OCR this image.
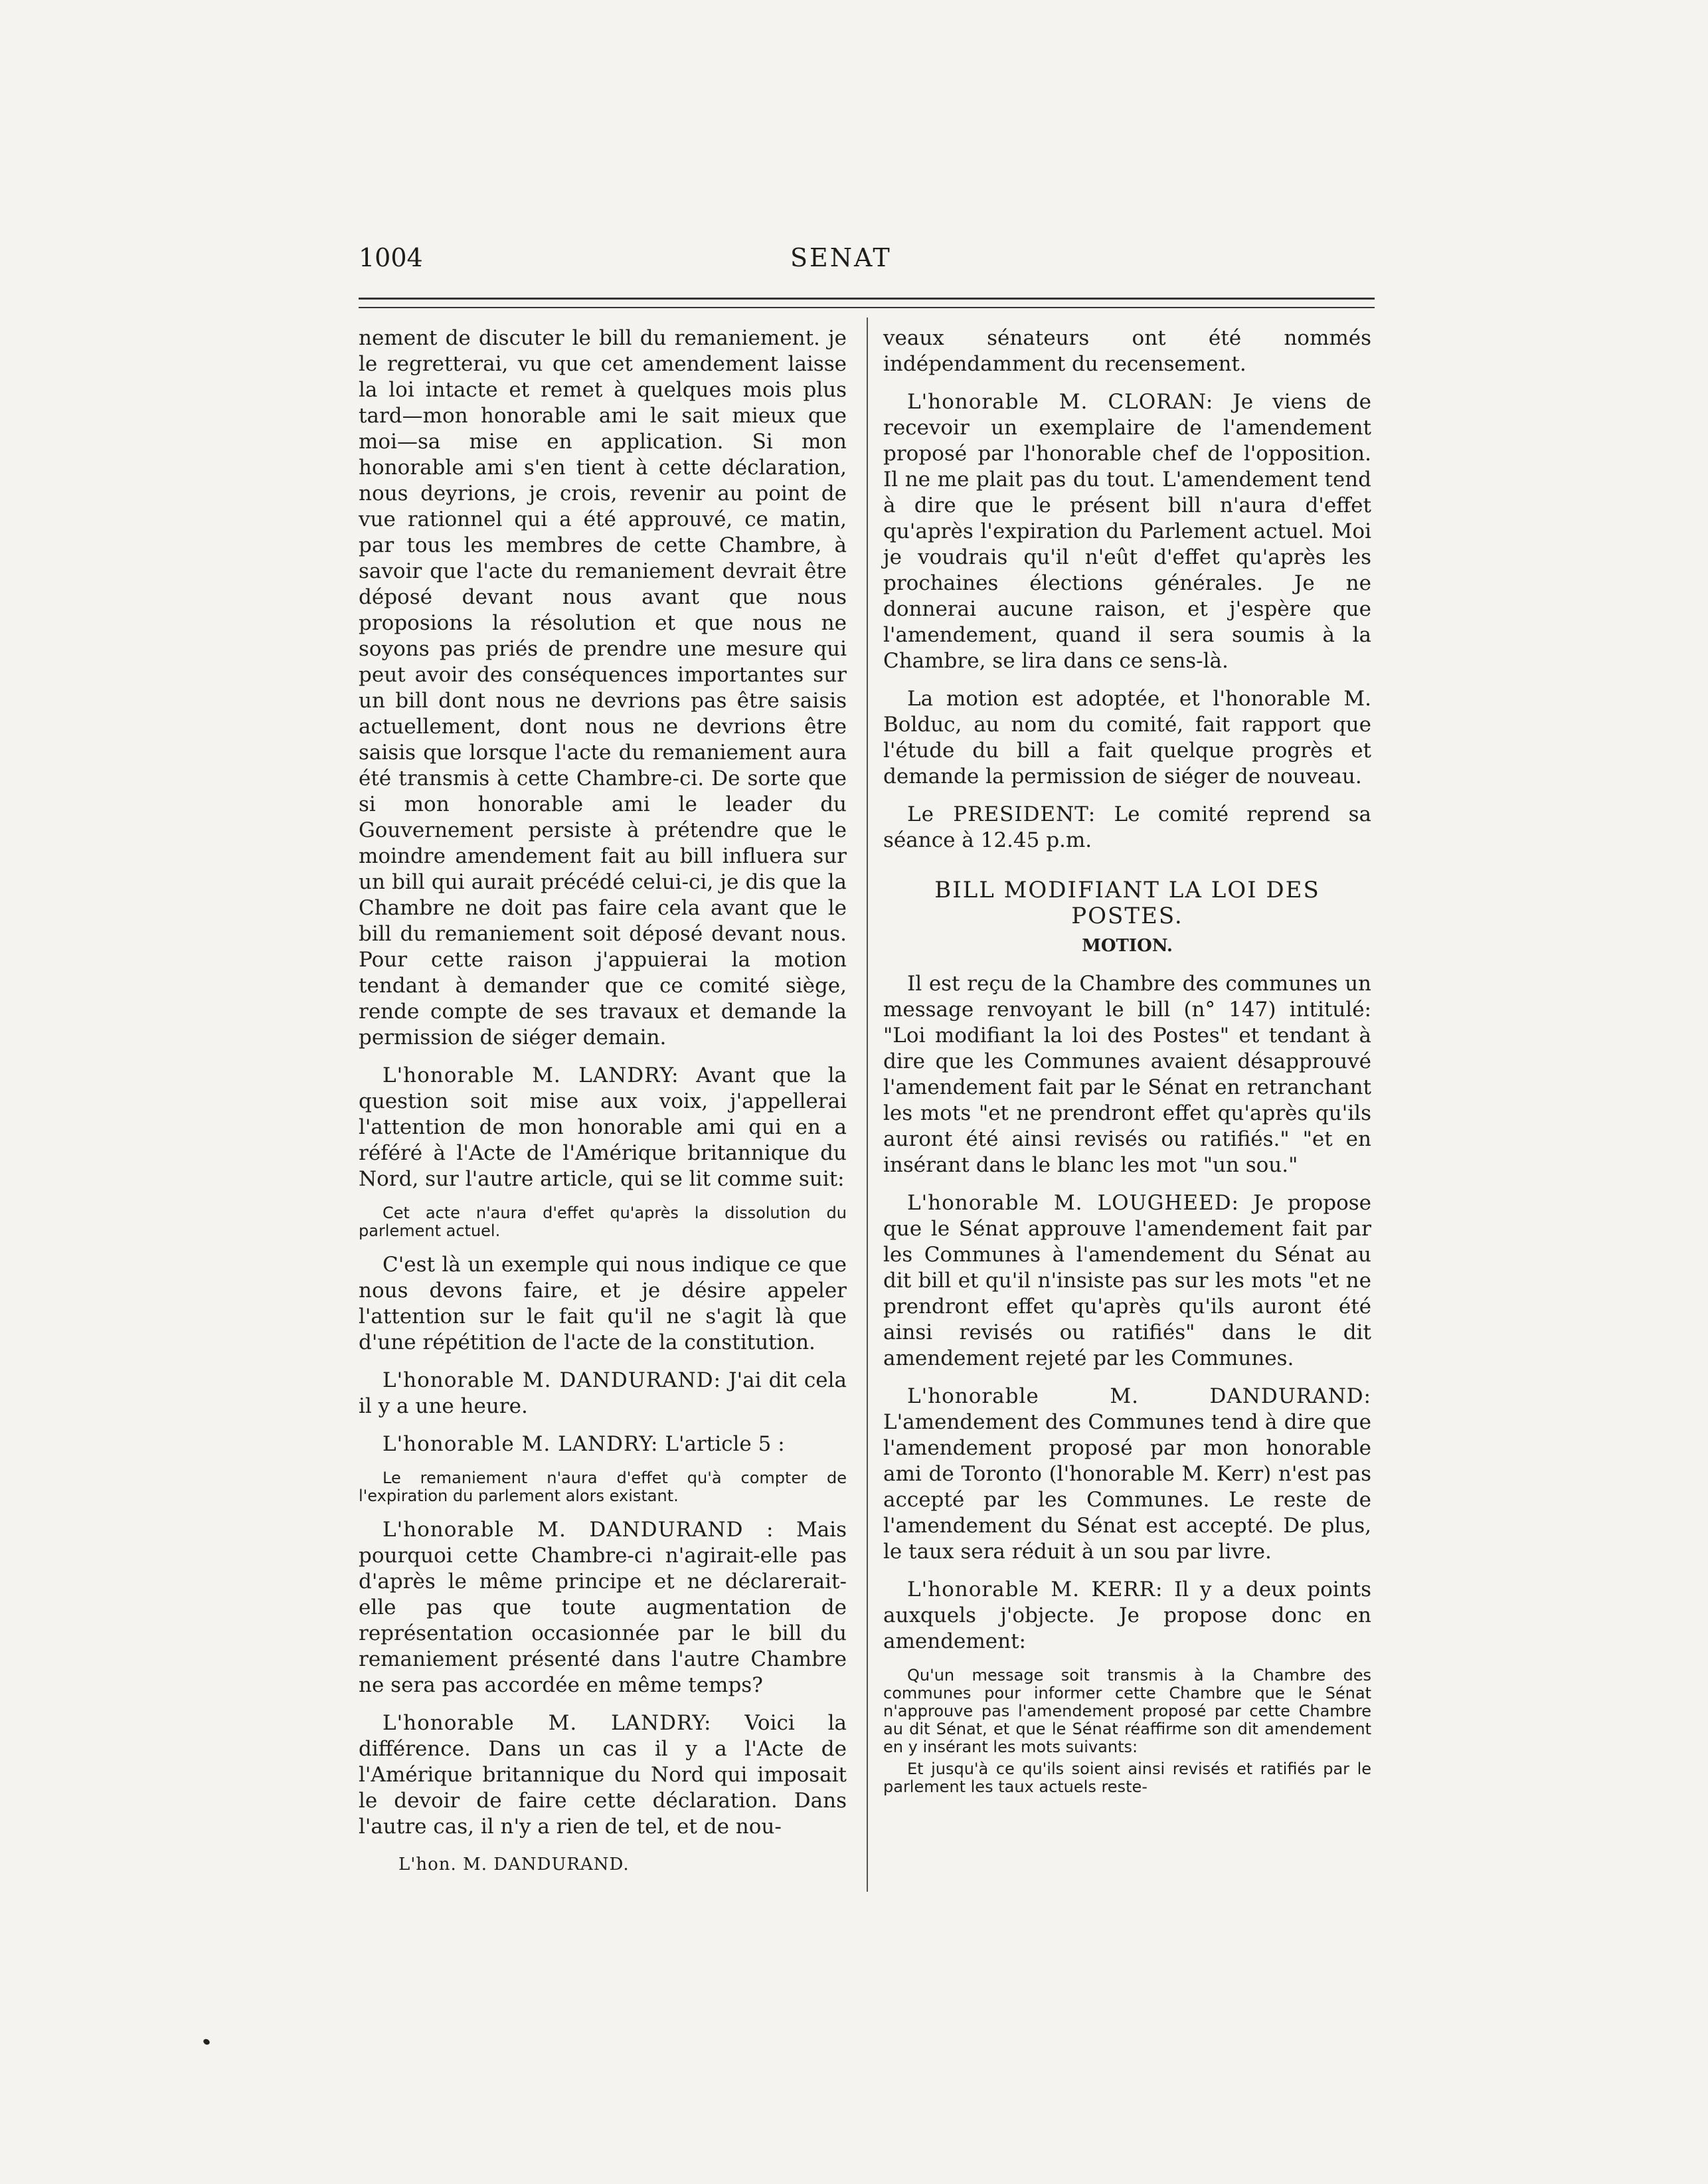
1004	SENAT

nement de discuter le bill du remaniement. je le regretterai, vu que cet amendement laisse la loi intacte et remet à quelques mois plus tard—mon honorable ami le sait mieux que moi—sa mise en application. Si mon honorable ami s'en tient à cette déclaration, nous deyrions, je crois, revenir au point de vue rationnel qui a été approuvé, ce matin, par tous les membres de cette Chambre, à savoir que l'acte du remaniement devrait être déposé devant nous avant que nous proposions la résolution et que nous ne soyons pas priés de prendre une mesure qui peut avoir des conséquences importantes sur un bill dont nous ne devrions pas être saisis actuellement, dont nous ne devrions être saisis que lorsque l'acte du remaniement aura été transmis à cette Chambre-ci. De sorte que si mon honorable ami le leader du Gouvernement persiste à prétendre que le moindre amendement fait au bill influera sur un bill qui aurait précédé celui-ci, je dis que la Chambre ne doit pas faire cela avant que le bill du remaniement soit déposé devant nous. Pour cette raison j'appuierai la motion tendant à demander que ce comité siège, rende compte de ses travaux et demande la permission de siéger demain.

L'honorable M. LANDRY: Avant que la question soit mise aux voix, j'appellerai l'attention de mon honorable ami qui en a référé à l'Acte de l'Amérique britannique du Nord, sur l'autre article, qui se lit comme suit:

Cet acte n'aura d'effet qu'après la dissolution du parlement actuel.

C'est là un exemple qui nous indique ce que nous devons faire, et je désire appeler l'attention sur le fait qu'il ne s'agit là que d'une répétition de l'acte de la constitution.

L'honorable M. DANDURAND: J'ai dit cela il y a une heure.

L'honorable M. LANDRY: L'article 5 :

Le remaniement n'aura d'effet qu'à compter de l'expiration du parlement alors existant.

L'honorable M. DANDURAND : Mais pourquoi cette Chambre-ci n'agirait-elle pas d'après le même principe et ne déclarerait-elle pas que toute augmentation de représentation occasionnée par le bill du remaniement présenté dans l'autre Chambre ne sera pas accordée en même temps?

L'honorable M. LANDRY: Voici la différence. Dans un cas il y a l'Acte de l'Amérique britannique du Nord qui imposait le devoir de faire cette déclaration. Dans l'autre cas, il n'y a rien de tel, et de nou-

L'hon. M. DANDURAND.

veaux sénateurs ont été nommés indépendamment du recensement.

L'honorable M. CLORAN: Je viens de recevoir un exemplaire de l'amendement proposé par l'honorable chef de l'opposition. Il ne me plait pas du tout. L'amendement tend à dire que le présent bill n'aura d'effet qu'après l'expiration du Parlement actuel. Moi je voudrais qu'il n'eût d'effet qu'après les prochaines élections générales. Je ne donnerai aucune raison, et j'espère que l'amendement, quand il sera soumis à la Chambre, se lira dans ce sens-là.

La motion est adoptée, et l'honorable M. Bolduc, au nom du comité, fait rapport que l'étude du bill a fait quelque progrès et demande la permission de siéger de nouveau.

Le PRESIDENT: Le comité reprend sa séance à 12.45 p.m.

BILL MODIFIANT LA LOI DES POSTES.
MOTION.

Il est reçu de la Chambre des communes un message renvoyant le bill (n° 147) intitulé: "Loi modifiant la loi des Postes" et tendant à dire que les Communes avaient désapprouvé l'amendement fait par le Sénat en retranchant les mots "et ne prendront effet qu'après qu'ils auront été ainsi revisés ou ratifiés." "et en insérant dans le blanc les mot "un sou."

L'honorable M. LOUGHEED: Je propose que le Sénat approuve l'amendement fait par les Communes à l'amendement du Sénat au dit bill et qu'il n'insiste pas sur les mots "et ne prendront effet qu'après qu'ils auront été ainsi revisés ou ratifiés" dans le dit amendement rejeté par les Communes.

L'honorable M. DANDURAND: L'amendement des Communes tend à dire que l'amendement proposé par mon honorable ami de Toronto (l'honorable M. Kerr) n'est pas accepté par les Communes. Le reste de l'amendement du Sénat est accepté. De plus, le taux sera réduit à un sou par livre.

L'honorable M. KERR: Il y a deux points auxquels j'objecte. Je propose donc en amendement:

Qu'un message soit transmis à la Chambre des communes pour informer cette Chambre que le Sénat n'approuve pas l'amendement proposé par cette Chambre au dit Sénat, et que le Sénat réaffirme son dit amendement en y insérant les mots suivants:

Et jusqu'à ce qu'ils soient ainsi revisés et ratifiés par le parlement les taux actuels reste-
